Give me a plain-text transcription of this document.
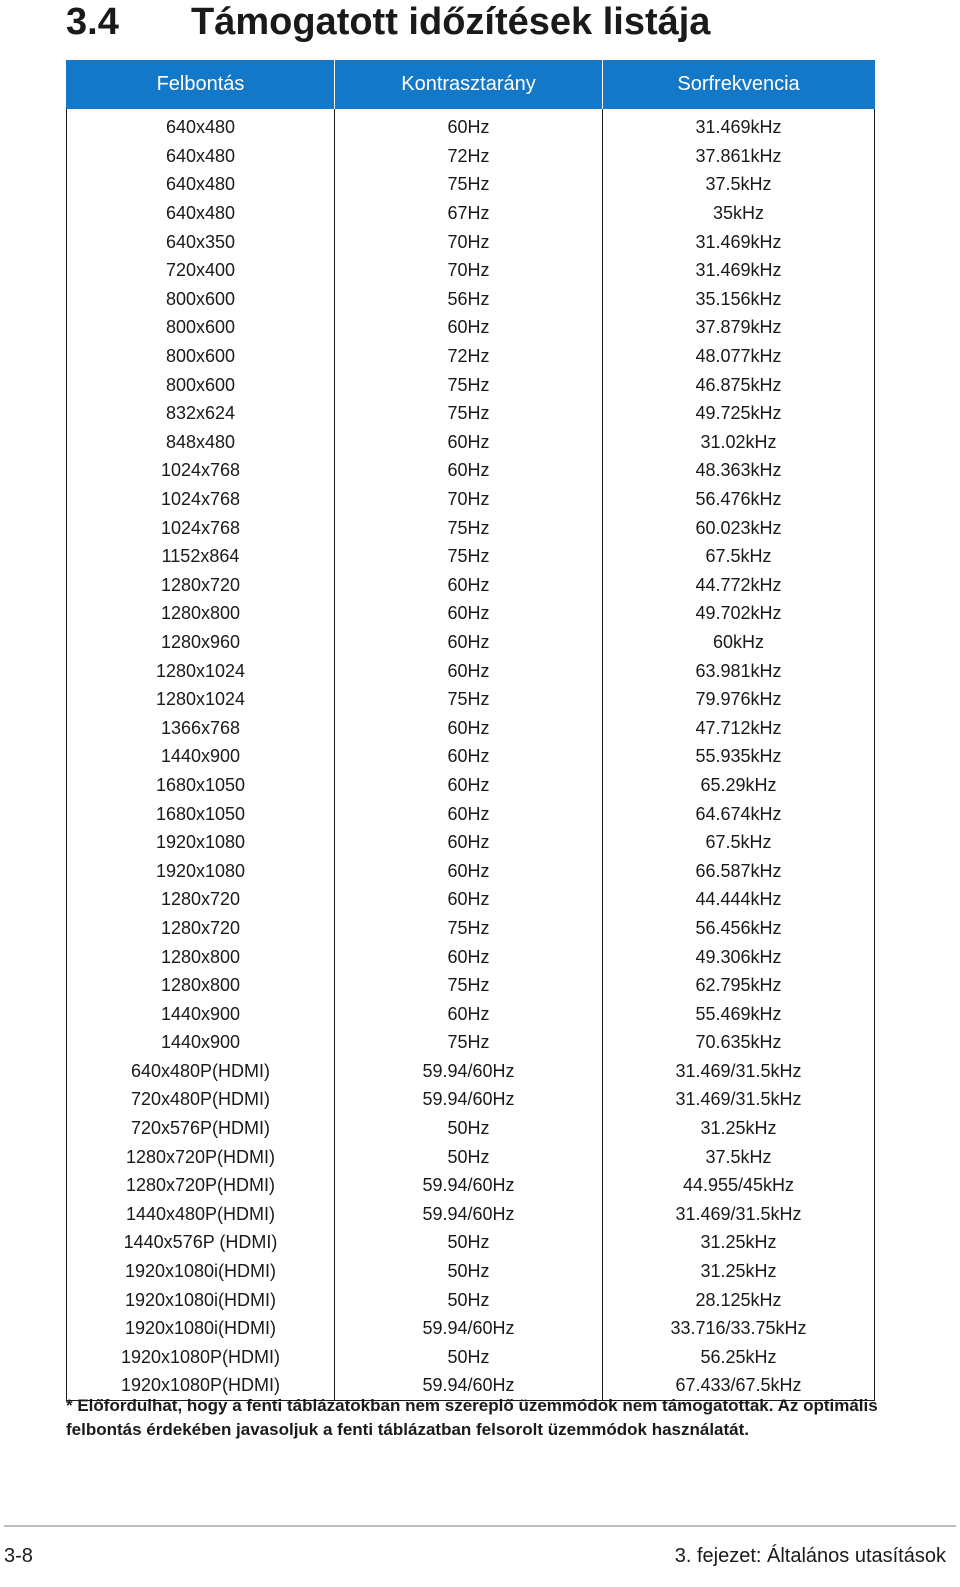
3.4 Támogatott időzítések listája
Felbontás	Kontrasztarány	Sorfrekvencia
640x480	60Hz	31.469kHz
640x480	72Hz	37.861kHz
640x480	75Hz	37.5kHz
640x480	67Hz	35kHz
640x350	70Hz	31.469kHz
720x400	70Hz	31.469kHz
800x600	56Hz	35.156kHz
800x600	60Hz	37.879kHz
800x600	72Hz	48.077kHz
800x600	75Hz	46.875kHz
832x624	75Hz	49.725kHz
848x480	60Hz	31.02kHz
1024x768	60Hz	48.363kHz
1024x768	70Hz	56.476kHz
1024x768	75Hz	60.023kHz
1152x864	75Hz	67.5kHz
1280x720	60Hz	44.772kHz
1280x800	60Hz	49.702kHz
1280x960	60Hz	60kHz
1280x1024	60Hz	63.981kHz
1280x1024	75Hz	79.976kHz
1366x768	60Hz	47.712kHz
1440x900	60Hz	55.935kHz
1680x1050	60Hz	65.29kHz
1680x1050	60Hz	64.674kHz
1920x1080	60Hz	67.5kHz
1920x1080	60Hz	66.587kHz
1280x720	60Hz	44.444kHz
1280x720	75Hz	56.456kHz
1280x800	60Hz	49.306kHz
1280x800	75Hz	62.795kHz
1440x900	60Hz	55.469kHz
1440x900	75Hz	70.635kHz
640x480P(HDMI)	59.94/60Hz	31.469/31.5kHz
720x480P(HDMI)	59.94/60Hz	31.469/31.5kHz
720x576P(HDMI)	50Hz	31.25kHz
1280x720P(HDMI)	50Hz	37.5kHz
1280x720P(HDMI)	59.94/60Hz	44.955/45kHz
1440x480P(HDMI)	59.94/60Hz	31.469/31.5kHz
1440x576P (HDMI)	50Hz	31.25kHz
1920x1080i(HDMI)	50Hz	31.25kHz
1920x1080i(HDMI)	50Hz	28.125kHz
1920x1080i(HDMI)	59.94/60Hz	33.716/33.75kHz
1920x1080P(HDMI)	50Hz	56.25kHz
1920x1080P(HDMI)	59.94/60Hz	67.433/67.5kHz

* Előfordulhat, hogy a fenti táblázatokban nem szereplő üzemmódok nem támogatottak. Az optimális felbontás érdekében javasoljuk a fenti táblázatban felsorolt üzemmódok használatát.

3-8	3. fejezet: Általános utasítások
